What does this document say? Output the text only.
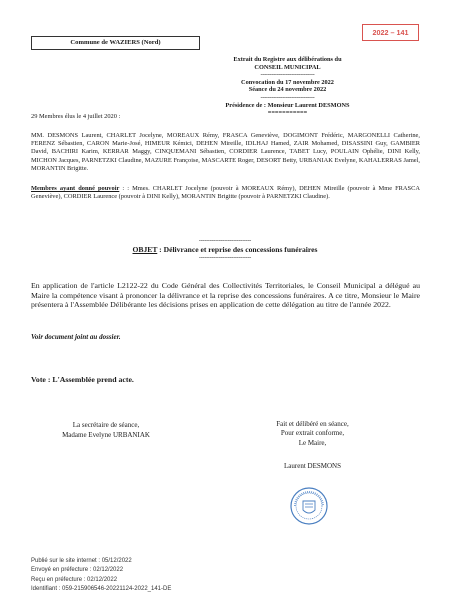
Commune de WAZIERS (Nord)
2022 – 141
Extrait du Registre aux délibérations du
CONSEIL MUNICIPAL
------------------------------
Convocation du 17 novembre 2022
Séance du 24 novembre 2022
------------------------------
Présidence de : Monsieur Laurent DESMONS
===========
29 Membres élus le 4 juillet 2020 :
MM. DESMONS Laurent, CHARLET Jocelyne, MOREAUX Rémy, FRASCA Geneviève, DOGIMONT Frédéric, MARGONELLI Catherine, FERENZ Sébastien, CARON Marie-José, HIMEUR Kémici, DEHEN Mireille, IDLHAJ Hamed, ZAIR Mohamed, DISASSINI Guy, GAMBIER David, BACHIRI Karim, KERRAR Maggy, CINQUEMANI Sébastien, CORDIER Laurence, TABET Lucy, POULAIN Ophélie, DINI Kelly, MICHON Jacques, PARNETZKI Claudine, MAZURE Françoise, MASCARTE Roger, DESORT Betty, URBANIAK Evelyne, KAHALERRAS Jamel, MORANTIN Brigitte.
Membres ayant donné pouvoir : : Mmes. CHARLET Jocelyne (pouvoir à MOREAUX Rémy), DEHEN Mireille (pouvoir à Mme FRASCA Geneviève), CORDIER Laurence (pouvoir à DINI Kelly), MORANTIN Brigitte (pouvoir à PARNETZKI Claudine).
-----------------------------
OBJET : Délivrance et reprise des concessions funéraires
-----------------------------
En application de l'article L2122-22 du Code Général des Collectivités Territoriales, le Conseil Municipal a délégué au Maire la compétence visant à prononcer la délivrance et la reprise des concessions funéraires. A ce titre, Monsieur le Maire présentera à l'Assemblée Délibérante les décisions prises en application de cette délégation au titre de l'année 2022.
Voir document joint au dossier.
Vote : L'Assemblée prend acte.
La secrétaire de séance,
Madame Evelyne URBANIAK
Fait et délibéré en séance,
Pour extrait conforme,
Le Maire,
Laurent DESMONS
Publié sur le site internet : 05/12/2022
Envoyé en préfecture : 02/12/2022
Reçu en préfecture : 02/12/2022
Identifiant : 059-215906546-20221124-2022_141-DE
